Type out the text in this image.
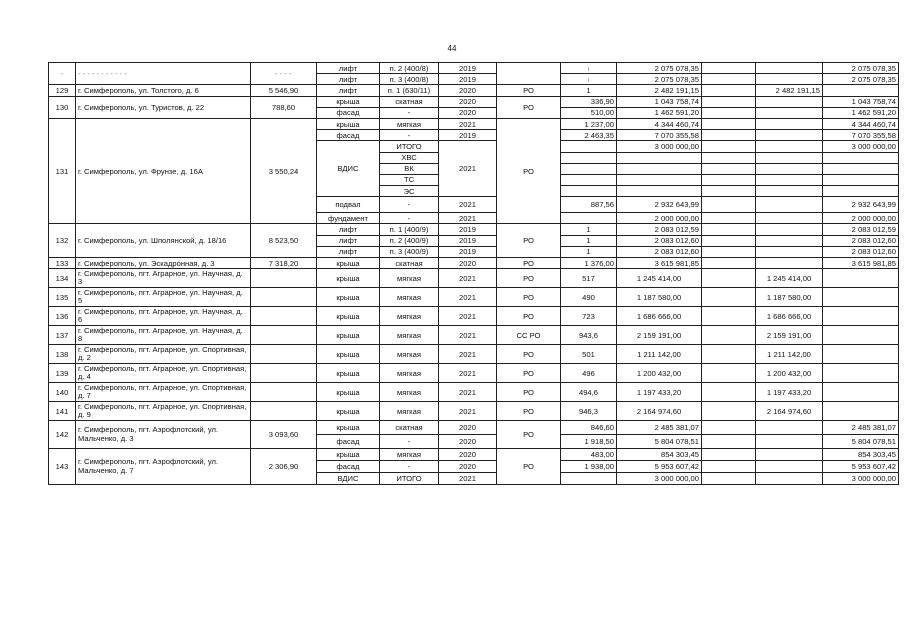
44
-	- - - - - - - - - - -	- - - -	лифт	п. 2 (400/8)	2019		ı	2 075 078,35			2 075 078,35
			лифт	п. 3 (400/8)	2019		ı	2 075 078,35			2 075 078,35
129	г. Симферополь, ул. Толстого, д. 6	5 546,90	лифт	п. 1 (630/11)	2020	РО	1	2 482 191,15		2 482 191,15	
130	г. Симферополь, ул. Туристов, д. 22	788,60	крыша	скатная	2020	РО	336,90	1 043 758,74			1 043 758,74
			фасад	-	2020		510,00	1 462 591,20			1 462 591,20
131	г. Симферополь, ул. Фрунзе, д. 16А	3 550,24	крыша	мягкая	2021	РО	1 237,00	4 344 460,74			4 344 460,74
			фасад	-	2019		2 463,35	7 070 355,58			7 070 355,58
			ВДИС	ИТОГО	2021			3 000 000,00			3 000 000,00
				ХВС							
				ВК							
				ТС							
				ЭС							
			подвал	-	2021		887,56	2 932 643,99			2 932 643,99
			фундамент	-	2021			2 000 000,00			2 000 000,00
132	г. Симферополь, ул. Шполянской, д. 18/16	8 523,50	лифт	п. 1 (400/9)	2019	РО	1	2 083 012,59			2 083 012,59
			лифт	п. 2 (400/9)	2019		1	2 083 012,60			2 083 012,60
			лифт	п. 3 (400/9)	2019		1	2 083 012,60			2 083 012,60
133	г. Симферополь, ул. Эскадронная, д. 3	7 318,20	крыша	скатная	2020	РО	1 376,00	3 615 981,85			3 615 981,85
134	г. Симферополь, пгт. Аграрное, ул. Научная, д. 3		крыша	мягкая	2021	РО	517	1 245 414,00		1 245 414,00	
135	г. Симферополь, пгт. Аграрное, ул. Научная, д. 5		крыша	мягкая	2021	РО	490	1 187 580,00		1 187 580,00	
136	г. Симферополь, пгт. Аграрное, ул. Научная, д. 6		крыша	мягкая	2021	РО	723	1 686 666,00		1 686 666,00	
137	г. Симферополь, пгт. Аграрное, ул. Научная, д. 8		крыша	мягкая	2021	СС РО	943,6	2 159 191,00		2 159 191,00	
138	г. Симферополь, пгт. Аграрное, ул. Спортивная, д. 2		крыша	мягкая	2021	РО	501	1 211 142,00		1 211 142,00	
139	г. Симферополь, пгт. Аграрное, ул. Спортивная, д. 4		крыша	мягкая	2021	РО	496	1 200 432,00		1 200 432,00	
140	г. Симферополь, пгт. Аграрное, ул. Спортивная, д. 7		крыша	мягкая	2021	РО	494,6	1 197 433,20		1 197 433,20	
141	г. Симферополь, пгт. Аграрное, ул. Спортивная, д. 9		крыша	мягкая	2021	РО	946,3	2 164 974,60		2 164 974,60	
142	г. Симферополь, пгт. Аэрофлотский, ул. Мальченко, д. 3	3 093,60	крыша	скатная	2020	РО	846,60	2 485 381,07			2 485 381,07
			фасад	-	2020		1 918,50	5 804 078,51			5 804 078,51
143	г. Симферополь, пгт. Аэрофлотский, ул. Мальченко, д. 7	2 306,90	крыша	мягкая	2020	РО	483,00	854 303,45			854 303,45
			фасад	-	2020		1 938,00	5 953 607,42			5 953 607,42
			ВДИС	ИТОГО	2021			3 000 000,00			3 000 000,00
